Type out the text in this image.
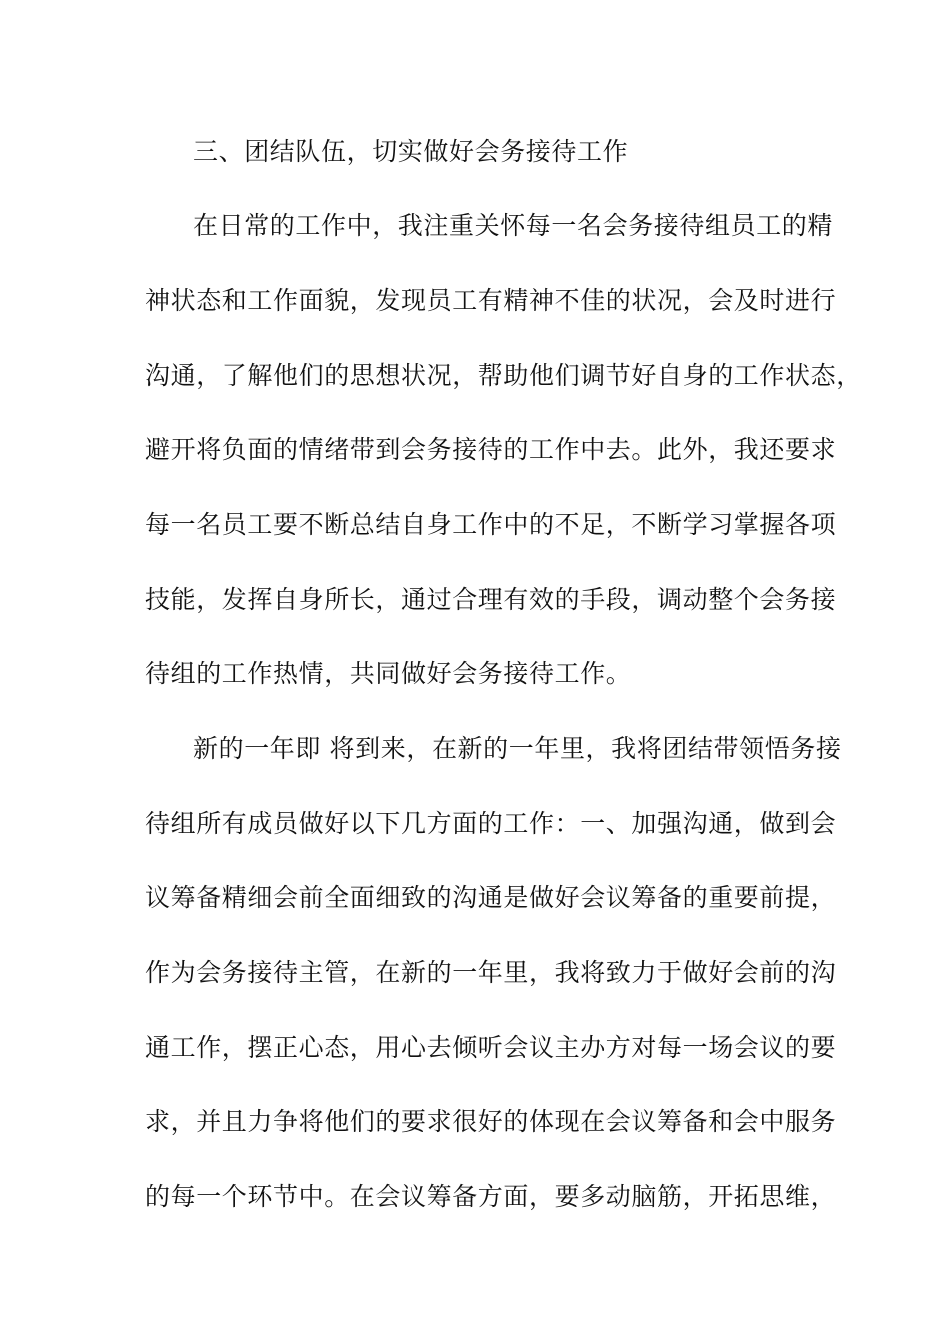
三、团结队伍，切实做好会务接待工作
在日常的工作中，我注重关怀每一名会务接待组员工的精
神状态和工作面貌，发现员工有精神不佳的状况，会及时进行
沟通，了解他们的思想状况，帮助他们调节好自身的工作状态，
避开将负面的情绪带到会务接待的工作中去。此外，我还要求
每一名员工要不断总结自身工作中的不足，不断学习掌握各项
技能，发挥自身所长，通过合理有效的手段，调动整个会务接
待组的工作热情，共同做好会务接待工作。
新的一年即 将到来，在新的一年里，我将团结带领悟务接
待组所有成员做好以下几方面的工作：一、加强沟通，做到会
议筹备精细会前全面细致的沟通是做好会议筹备的重要前提，
作为会务接待主管，在新的一年里，我将致力于做好会前的沟
通工作，摆正心态，用心去倾听会议主办方对每一场会议的要
求，并且力争将他们的要求很好的体现在会议筹备和会中服务
的每一个环节中。在会议筹备方面，要多动脑筋，开拓思维，
